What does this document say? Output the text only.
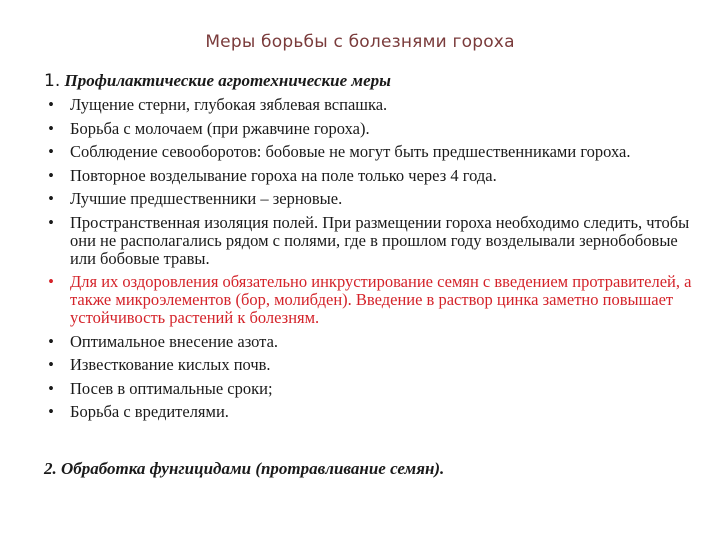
Меры борьбы с болезнями гороха
1. Профилактические агротехнические меры
• Лущение стерни, глубокая зяблевая вспашка.
• Борьба с молочаем (при ржавчине гороха).
• Соблюдение севооборотов: бобовые не могут быть предшественниками гороха.
• Повторное возделывание гороха на поле только через 4 года.
• Лучшие предшественники – зерновые.
• Пространственная изоляция полей. При размещении гороха необходимо следить, чтобы они не располагались рядом с полями, где в прошлом году возделывали зернобобовые или бобовые травы.
• Для их оздоровления обязательно инкрустирование семян с введением протравителей, а также микроэлементов (бор, молибден). Введение в раствор цинка заметно повышает устойчивость растений к болезням.
• Оптимальное внесение азота.
• Известкование кислых почв.
• Посев в оптимальные сроки;
• Борьба с вредителями.
2. Обработка фунгицидами (протравливание семян).
